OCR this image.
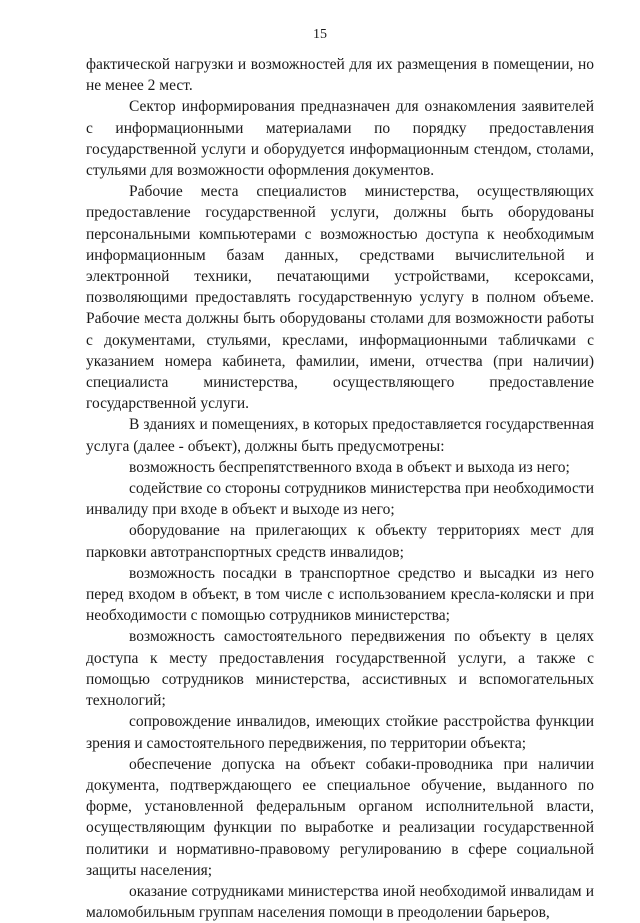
15

фактической нагрузки и возможностей для их размещения в помещении, но не менее 2 мест.

Сектор информирования предназначен для ознакомления заявителей с информационными материалами по порядку предоставления государственной услуги и оборудуется информационным стендом, столами, стульями для возможности оформления документов.

Рабочие места специалистов министерства, осуществляющих предоставление государственной услуги, должны быть оборудованы персональными компьютерами с возможностью доступа к необходимым информационным базам данных, средствами вычислительной и электронной техники, печатающими устройствами, ксероксами, позволяющими предоставлять государственную услугу в полном объеме. Рабочие места должны быть оборудованы столами для возможности работы с документами, стульями, креслами, информационными табличками с указанием номера кабинета, фамилии, имени, отчества (при наличии) специалиста министерства, осуществляющего предоставление государственной услуги.

В зданиях и помещениях, в которых предоставляется государственная услуга (далее - объект), должны быть предусмотрены:

возможность беспрепятственного входа в объект и выхода из него;

содействие со стороны сотрудников министерства при необходимости инвалиду при входе в объект и выходе из него;

оборудование на прилегающих к объекту территориях мест для парковки автотранспортных средств инвалидов;

возможность посадки в транспортное средство и высадки из него перед входом в объект, в том числе с использованием кресла-коляски и при необходимости с помощью сотрудников министерства;

возможность самостоятельного передвижения по объекту в целях доступа к месту предоставления государственной услуги, а также с помощью сотрудников министерства, ассистивных и вспомогательных технологий;

сопровождение инвалидов, имеющих стойкие расстройства функции зрения и самостоятельного передвижения, по территории объекта;

обеспечение допуска на объект собаки-проводника при наличии документа, подтверждающего ее специальное обучение, выданного по форме, установленной федеральным органом исполнительной власти, осуществляющим функции по выработке и реализации государственной политики и нормативно-правовому регулированию в сфере социальной защиты населения;

оказание сотрудниками министерства иной необходимой инвалидам и маломобильным группам населения помощи в преодолении барьеров,
